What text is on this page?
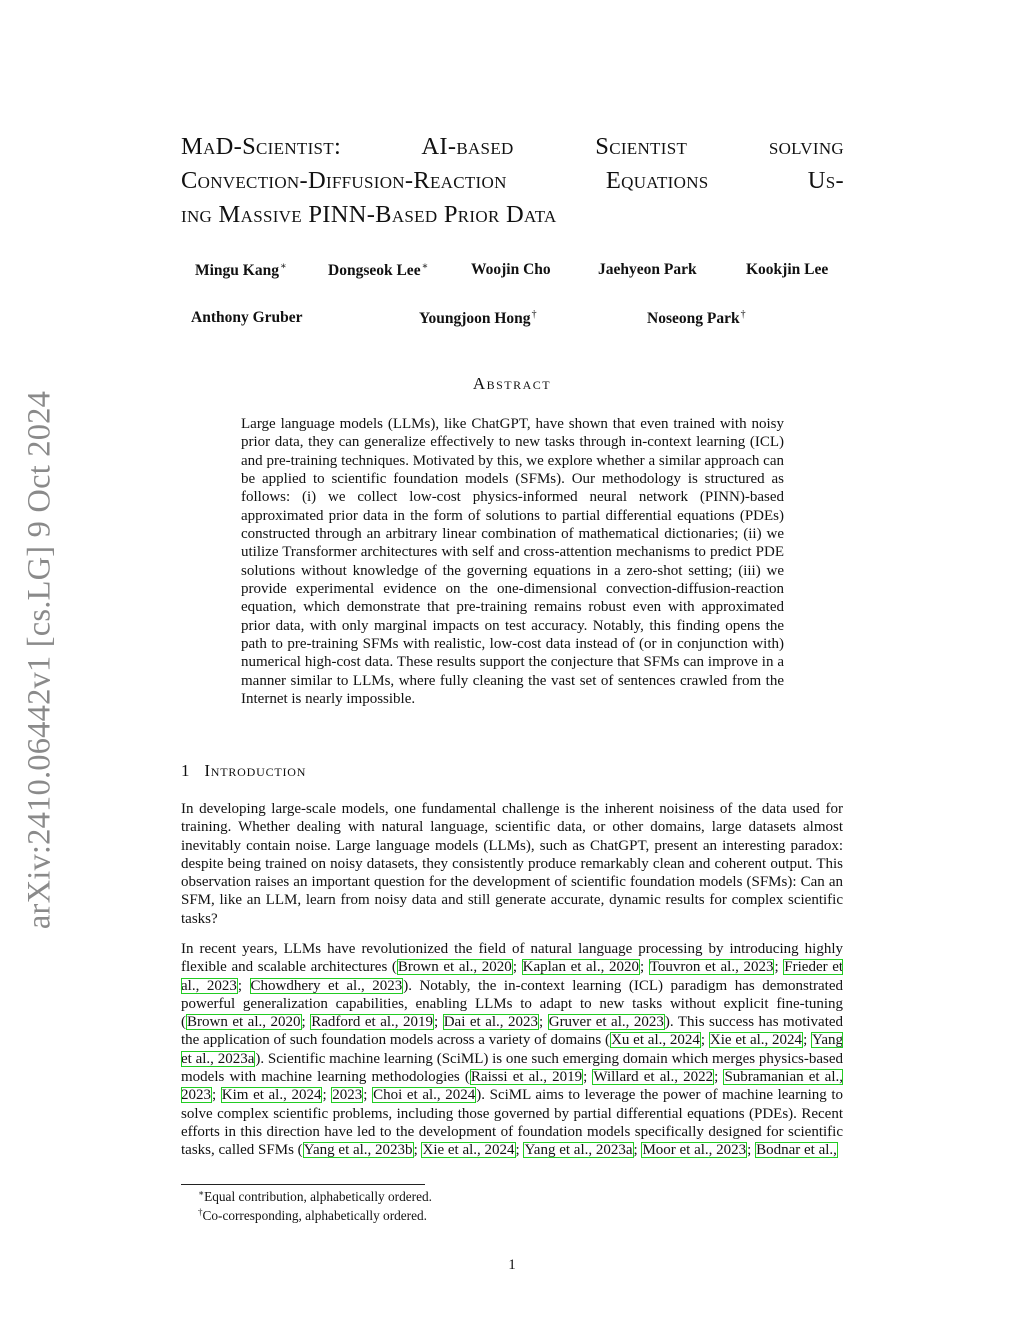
arXiv:2410.06442v1 [cs.LG] 9 Oct 2024
MaD-Scientist: AI-based Scientist solving
Convection-Diffusion-Reaction Equations Us-
ing Massive PINN-Based Prior Data
Mingu Kang∗	Dongseok Lee∗	Woojin Cho	Jaehyeon Park	Kookjin Lee
Anthony Gruber	Youngjoon Hong†	Noseong Park†
Abstract
Large language models (LLMs), like ChatGPT, have shown that even trained with noisy prior data, they can generalize effectively to new tasks through in-context learning (ICL) and pre-training techniques. Motivated by this, we explore whether a similar approach can be applied to scientific foundation models (SFMs). Our methodology is structured as follows: (i) we collect low-cost physics-informed neural network (PINN)-based approximated prior data in the form of solutions to partial differential equations (PDEs) constructed through an arbitrary linear combination of mathematical dictionaries; (ii) we utilize Transformer architectures with self and cross-attention mechanisms to predict PDE solutions without knowledge of the governing equations in a zero-shot setting; (iii) we provide experimental evidence on the one-dimensional convection-diffusion-reaction equation, which demonstrate that pre-training remains robust even with approximated prior data, with only marginal impacts on test accuracy. Notably, this finding opens the path to pre-training SFMs with realistic, low-cost data instead of (or in conjunction with) numerical high-cost data. These results support the conjecture that SFMs can improve in a manner similar to LLMs, where fully cleaning the vast set of sentences crawled from the Internet is nearly impossible.
1 Introduction
In developing large-scale models, one fundamental challenge is the inherent noisiness of the data used for training. Whether dealing with natural language, scientific data, or other domains, large datasets almost inevitably contain noise. Large language models (LLMs), such as ChatGPT, present an interesting paradox: despite being trained on noisy datasets, they consistently produce remarkably clean and coherent output. This observation raises an important question for the development of scientific foundation models (SFMs): Can an SFM, like an LLM, learn from noisy data and still generate accurate, dynamic results for complex scientific tasks?
In recent years, LLMs have revolutionized the field of natural language processing by introducing highly flexible and scalable architectures (Brown et al., 2020; Kaplan et al., 2020; Touvron et al., 2023; Frieder et al., 2023; Chowdhery et al., 2023). Notably, the in-context learning (ICL) paradigm has demonstrated powerful generalization capabilities, enabling LLMs to adapt to new tasks without explicit fine-tuning (Brown et al., 2020; Radford et al., 2019; Dai et al., 2023; Gruver et al., 2023). This success has motivated the application of such foundation models across a variety of domains (Xu et al., 2024; Xie et al., 2024; Yang et al., 2023a). Scientific machine learning (SciML) is one such emerging domain which merges physics-based models with machine learning methodologies (Raissi et al., 2019; Willard et al., 2022; Subramanian et al., 2023; Kim et al., 2024; 2023; Choi et al., 2024). SciML aims to leverage the power of machine learning to solve complex scientific problems, including those governed by partial differential equations (PDEs). Recent efforts in this direction have led to the development of foundation models specifically designed for scientific tasks, called SFMs (Yang et al., 2023b; Xie et al., 2024; Yang et al., 2023a; Moor et al., 2023; Bodnar et al.,
∗Equal contribution, alphabetically ordered.
†Co-corresponding, alphabetically ordered.
1
